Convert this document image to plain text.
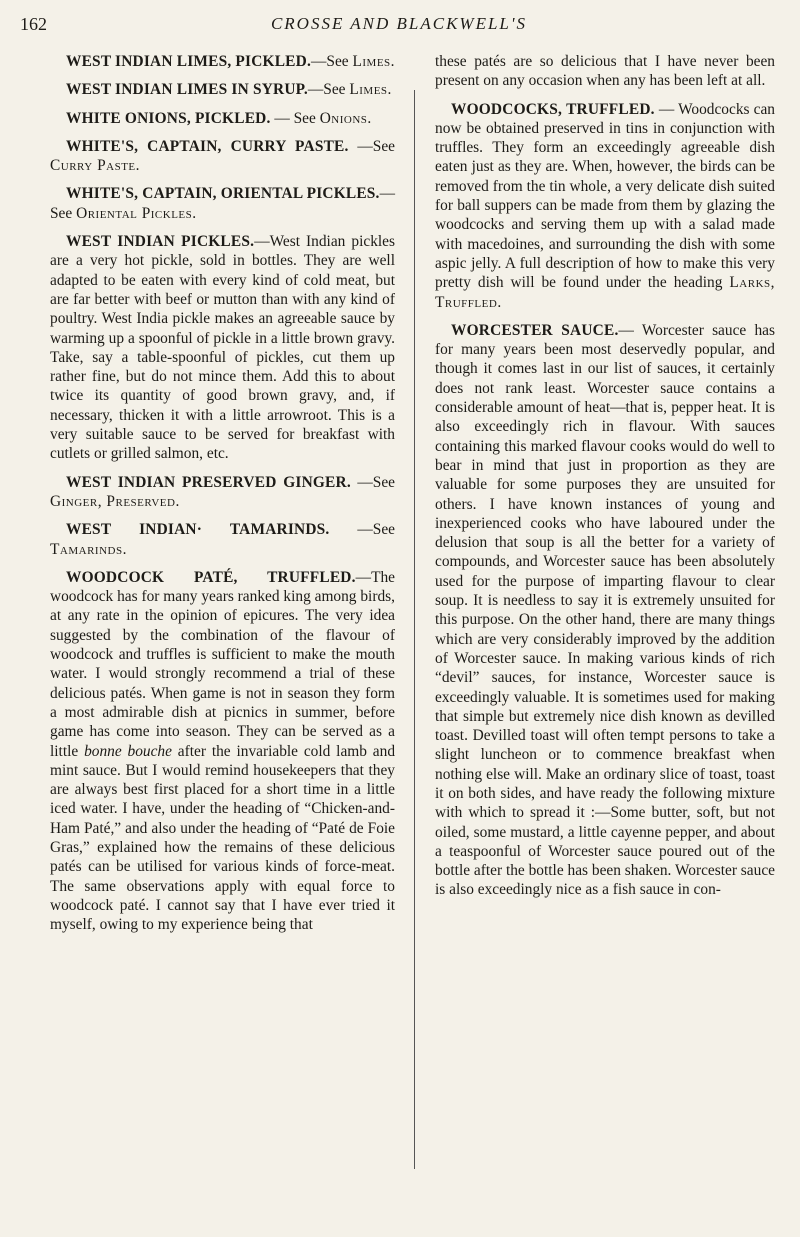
162	CROSSE AND BLACKWELL'S

WEST INDIAN LIMES, PICKLED.—See Limes.

WEST INDIAN LIMES IN SYRUP.—See Limes.

WHITE ONIONS, PICKLED. — See Onions.

WHITE'S, CAPTAIN, CURRY PASTE. —See Curry Paste.

WHITE'S, CAPTAIN, ORIENTAL PICKLES.—See Oriental Pickles.

WEST INDIAN PICKLES.—West Indian pickles are a very hot pickle, sold in bottles. They are well adapted to be eaten with every kind of cold meat, but are far better with beef or mutton than with any kind of poultry. West India pickle makes an agreeable sauce by warming up a spoonful of pickle in a little brown gravy. Take, say a table-spoonful of pickles, cut them up rather fine, but do not mince them. Add this to about twice its quantity of good brown gravy, and, if necessary, thicken it with a little arrowroot. This is a very suitable sauce to be served for breakfast with cutlets or grilled salmon, etc.

WEST INDIAN PRESERVED GINGER. —See Ginger, Preserved.

WEST INDIAN· TAMARINDS. —See Tamarinds.

WOODCOCK PATÉ, TRUFFLED.—The woodcock has for many years ranked king among birds, at any rate in the opinion of epicures. The very idea suggested by the combination of the flavour of woodcock and truffles is sufficient to make the mouth water. I would strongly recommend a trial of these delicious patés. When game is not in season they form a most admirable dish at picnics in summer, before game has come into season. They can be served as a little bonne bouche after the invariable cold lamb and mint sauce. But I would remind housekeepers that they are always best first placed for a short time in a little iced water. I have, under the heading of “Chicken-and-Ham Paté,” and also under the heading of “Paté de Foie Gras,” explained how the remains of these delicious patés can be utilised for various kinds of force-meat. The same observations apply with equal force to woodcock paté. I cannot say that I have ever tried it myself, owing to my experience being that

these patés are so delicious that I have never been present on any occasion when any has been left at all.

WOODCOCKS, TRUFFLED. — Woodcocks can now be obtained preserved in tins in conjunction with truffles. They form an exceedingly agreeable dish eaten just as they are. When, however, the birds can be removed from the tin whole, a very delicate dish suited for ball suppers can be made from them by glazing the woodcocks and serving them up with a salad made with macedoines, and surrounding the dish with some aspic jelly. A full description of how to make this very pretty dish will be found under the heading Larks, Truffled.

WORCESTER SAUCE.— Worcester sauce has for many years been most deservedly popular, and though it comes last in our list of sauces, it certainly does not rank least. Worcester sauce contains a considerable amount of heat—that is, pepper heat. It is also exceedingly rich in flavour. With sauces containing this marked flavour cooks would do well to bear in mind that just in proportion as they are valuable for some purposes they are unsuited for others. I have known instances of young and inexperienced cooks who have laboured under the delusion that soup is all the better for a variety of compounds, and Worcester sauce has been absolutely used for the purpose of imparting flavour to clear soup. It is needless to say it is extremely unsuited for this purpose. On the other hand, there are many things which are very considerably improved by the addition of Worcester sauce. In making various kinds of rich “devil” sauces, for instance, Worcester sauce is exceedingly valuable. It is sometimes used for making that simple but extremely nice dish known as devilled toast. Devilled toast will often tempt persons to take a slight luncheon or to commence breakfast when nothing else will. Make an ordinary slice of toast, toast it on both sides, and have ready the following mixture with which to spread it :—Some butter, soft, but not oiled, some mustard, a little cayenne pepper, and about a teaspoonful of Worcester sauce poured out of the bottle after the bottle has been shaken. Worcester sauce is also exceedingly nice as a fish sauce in con-
